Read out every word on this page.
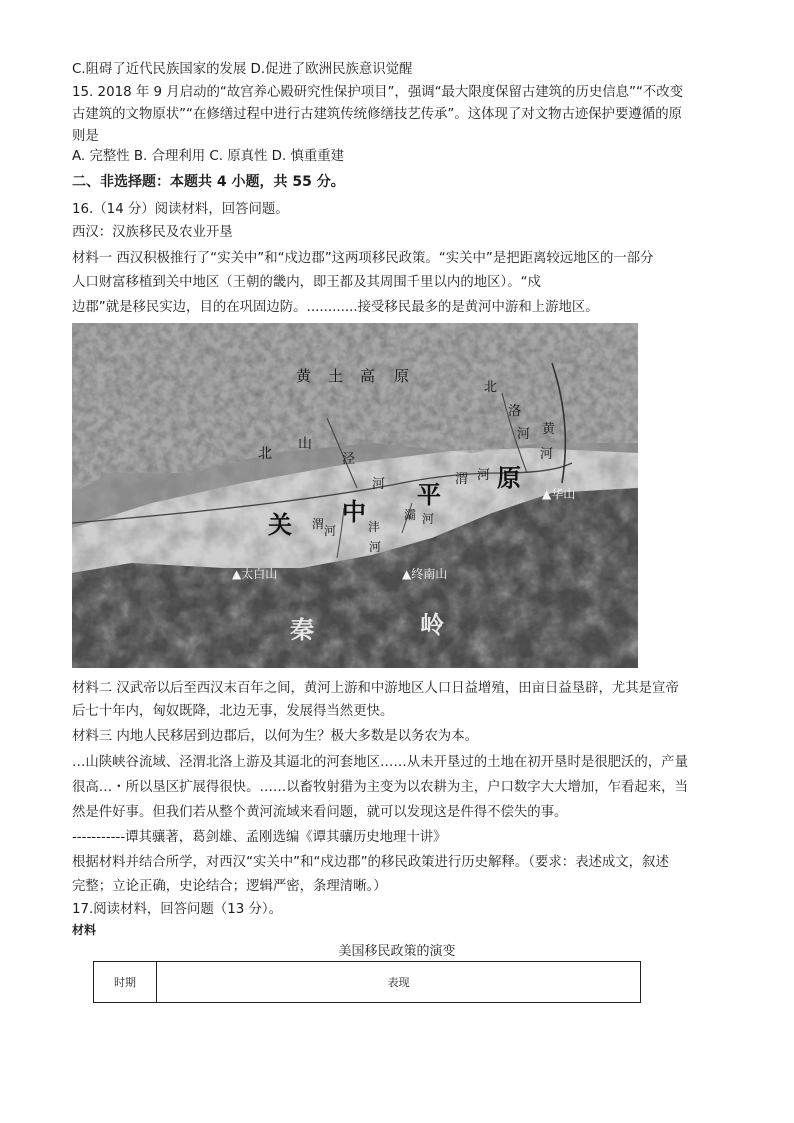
C.阻碍了近代民族国家的发展 D.促进了欧洲民族意识觉醒
15. 2018 年 9 月启动的“故宫养心殿研究性保护项目”，强调“最大限度保留古建筑的历史信息”“不改变
古建筑的文物原状”“在修缮过程中进行古建筑传统修缮技艺传承”。这体现了对文物古迹保护要遵循的原
则是
A. 完整性 B. 合理利用 C. 原真性 D. 慎重重建
二、非选择题：本题共 4 小题，共 55 分。
16.（14 分）阅读材料，回答问题。
西汉：汉族移民及农业开垦
材料一 西汉积极推行了“实关中”和“戍边郡”这两项移民政策。“实关中”是把距离较远地区的一部分
人口财富移植到关中地区（王朝的畿内，即王都及其周围千里以内的地区）。“戍
边郡”就是移民实边，目的在巩固边防。............接受移民最多的是黄河中游和上游地区。
黄 土 高 原
北
山
泾
河	渭 河
平
原
关 中
洛
河 黄
河
北
渭 河	沣
河
灞 河
秦	岭
▲太白山	▲终南山
▲华山
材料二 汉武帝以后至西汉末百年之间，黄河上游和中游地区人口日益增殖，田亩日益垦辟，尤其是宣帝
后七十年内，匈奴既降，北边无事，发展得当然更快。
材料三 内地人民移居到边郡后，以何为生？极大多数是以务农为本。
…山陕峡谷流域、泾渭北洛上游及其逼北的河套地区……从未开垦过的土地在初开垦时是很肥沃的，产量
很高…・所以垦区扩展得很快。……以畜牧射猎为主变为以农耕为主，户口数字大大增加，乍看起来，当
然是件好事。但我们若从整个黄河流域来看问题，就可以发现这是件得不偿失的事。
-----------谭其骧著，葛剑雄、孟刚选编《谭其骧历史地理十讲》
根据材料并结合所学，对西汉“实关中”和“戍边郡”的移民政策进行历史解释。（要求：表述成文，叙述
完整；立论正确，史论结合；逻辑严密，条理清晰。）
17.阅读材料，回答问题（13 分）。
材料
美国移民政策的演变
时期	表现
